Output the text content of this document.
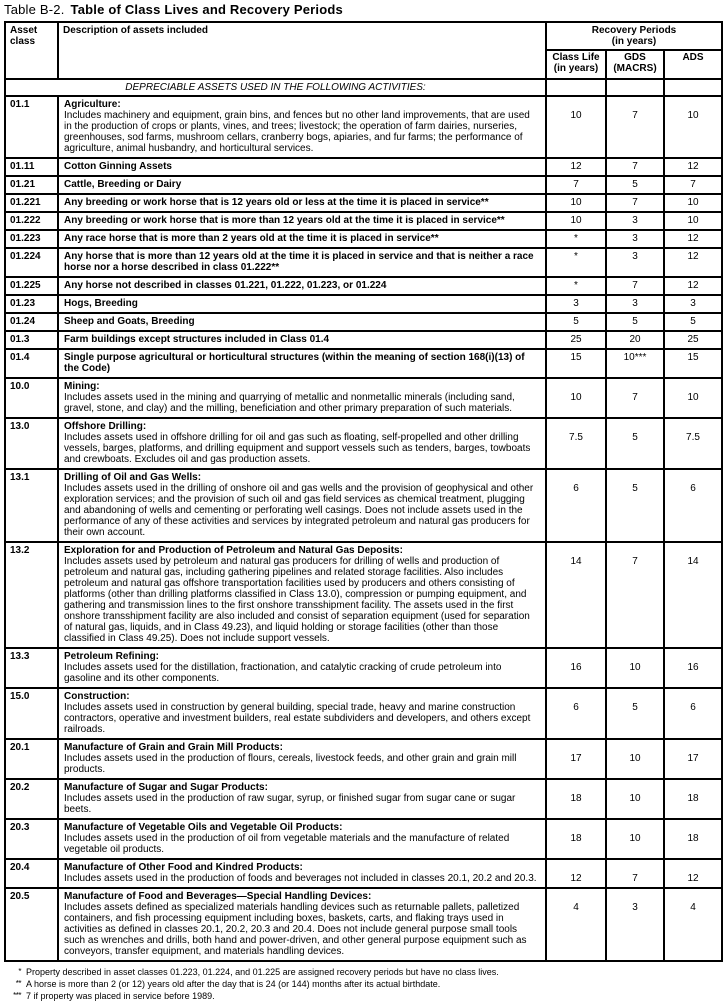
Table B-2. Table of Class Lives and Recovery Periods
Asset
class	Description of assets included	Recovery Periods
(in years)		
		Class Life
(in years)	GDS
(MACRS)	ADS
DEPRECIABLE ASSETS USED IN THE FOLLOWING ACTIVITIES:				
01.1	Agriculture:
Includes machinery and equipment, grain bins, and fences but no other land improvements, that are used in the production of crops or plants, vines, and trees; livestock; the operation of farm dairies, nurseries, greenhouses, sod farms, mushroom cellars, cranberry bogs, apiaries, and fur farms; the performance of agriculture, animal husbandry, and horticultural services.	10	7	10
01.11	Cotton Ginning Assets	12	7	12
01.21	Cattle, Breeding or Dairy	7	5	7
01.221	Any breeding or work horse that is 12 years old or less at the time it is placed in service**	10	7	10
01.222	Any breeding or work horse that is more than 12 years old at the time it is placed in service**	10	3	10
01.223	Any race horse that is more than 2 years old at the time it is placed in service**	*	3	12
01.224	Any horse that is more than 12 years old at the time it is placed in service and that is neither a race horse nor a horse described in class 01.222**	*	3	12
01.225	Any horse not described in classes 01.221, 01.222, 01.223, or 01.224	*	7	12
01.23	Hogs, Breeding	3	3	3
01.24	Sheep and Goats, Breeding	5	5	5
01.3	Farm buildings except structures included in Class 01.4	25	20	25
01.4	Single purpose agricultural or horticultural structures (within the meaning of section 168(i)(13) of the Code)	15	10***	15
10.0	Mining:
Includes assets used in the mining and quarrying of metallic and nonmetallic minerals (including sand, gravel, stone, and clay) and the milling, beneficiation and other primary preparation of such materials.	10	7	10
13.0	Offshore Drilling:
Includes assets used in offshore drilling for oil and gas such as floating, self-propelled and other drilling vessels, barges, platforms, and drilling equipment and support vessels such as tenders, barges, towboats and crewboats. Excludes oil and gas production assets.	7.5	5	7.5
13.1	Drilling of Oil and Gas Wells:
Includes assets used in the drilling of onshore oil and gas wells and the provision of geophysical and other exploration services; and the provision of such oil and gas field services as chemical treatment, plugging and abandoning of wells and cementing or perforating well casings. Does not include assets used in the performance of any of these activities and services by integrated petroleum and natural gas producers for their own account.	6	5	6
13.2	Exploration for and Production of Petroleum and Natural Gas Deposits:
Includes assets used by petroleum and natural gas producers for drilling of wells and production of petroleum and natural gas, including gathering pipelines and related storage facilities. Also includes petroleum and natural gas offshore transportation facilities used by producers and others consisting of platforms (other than drilling platforms classified in Class 13.0), compression or pumping equipment, and gathering and transmission lines to the first onshore transshipment facility. The assets used in the first onshore transshipment facility are also included and consist of separation equipment (used for separation of natural gas, liquids, and in Class 49.23), and liquid holding or storage facilities (other than those classified in Class 49.25). Does not include support vessels.	14	7	14
13.3	Petroleum Refining:
Includes assets used for the distillation, fractionation, and catalytic cracking of crude petroleum into gasoline and its other components.	16	10	16
15.0	Construction:
Includes assets used in construction by general building, special trade, heavy and marine construction contractors, operative and investment builders, real estate subdividers and developers, and others except railroads.	6	5	6
20.1	Manufacture of Grain and Grain Mill Products:
Includes assets used in the production of flours, cereals, livestock feeds, and other grain and grain mill products.	17	10	17
20.2	Manufacture of Sugar and Sugar Products:
Includes assets used in the production of raw sugar, syrup, or finished sugar from sugar cane or sugar beets.	18	10	18
20.3	Manufacture of Vegetable Oils and Vegetable Oil Products:
Includes assets used in the production of oil from vegetable materials and the manufacture of related vegetable oil products.	18	10	18
20.4	Manufacture of Other Food and Kindred Products:
Includes assets used in the production of foods and beverages not included in classes 20.1, 20.2 and 20.3.	12	7	12
20.5	Manufacture of Food and Beverages—Special Handling Devices:
Includes assets defined as specialized materials handling devices such as returnable pallets, palletized containers, and fish processing equipment including boxes, baskets, carts, and flaking trays used in activities as defined in classes 20.1, 20.2, 20.3 and 20.4. Does not include general purpose small tools such as wrenches and drills, both hand and power-driven, and other general purpose equipment such as conveyors, transfer equipment, and materials handling devices.	4	3	4
* Property described in asset classes 01.223, 01.224, and 01.225 are assigned recovery periods but have no class lives.
** A horse is more than 2 (or 12) years old after the day that is 24 (or 144) months after its actual birthdate.
*** 7 if property was placed in service before 1989.
